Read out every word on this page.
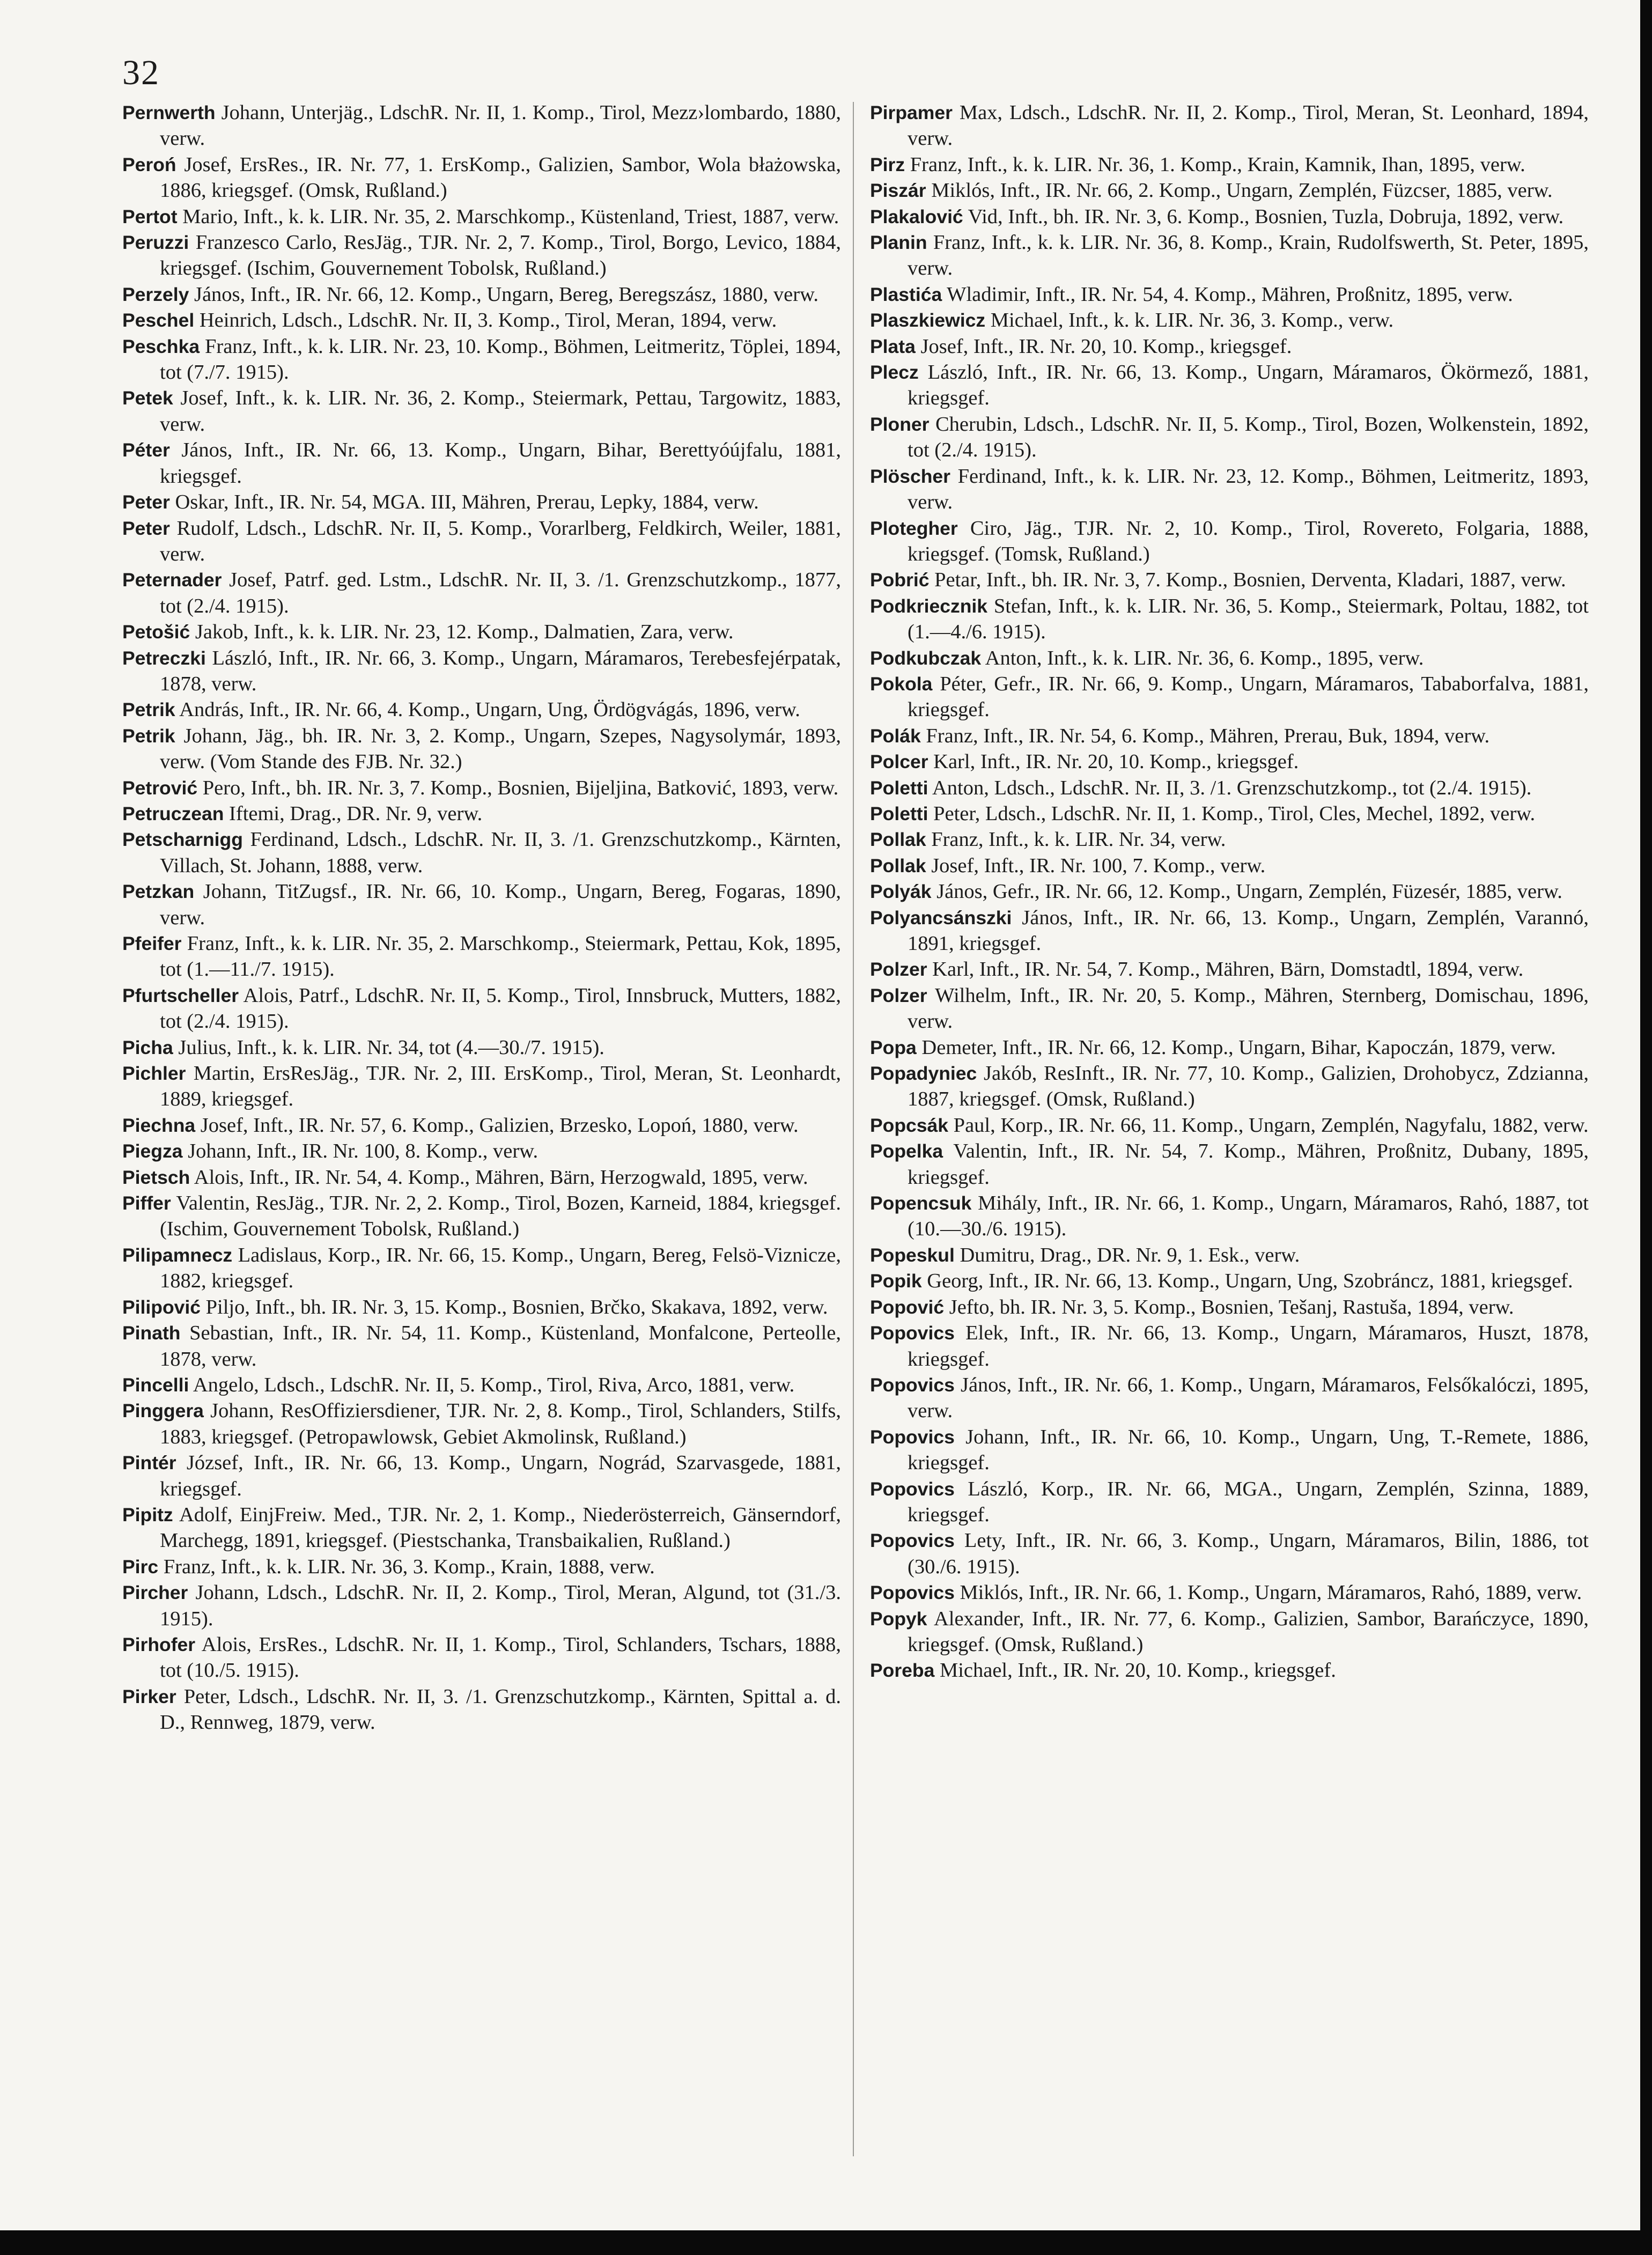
32

Pernwerth Johann, Unterjäg., LdschR. Nr. II, 1. Komp., Tirol, Mezz›lombardo, 1880, verw.

Peroń Josef, ErsRes., IR. Nr. 77, 1. ErsKomp., Galizien, Sambor, Wola błażowska, 1886, kriegsgef. (Omsk, Rußland.)

Pertot Mario, Inft., k. k. LIR. Nr. 35, 2. Marschkomp., Küstenland, Triest, 1887, verw.

Peruzzi Franzesco Carlo, ResJäg., TJR. Nr. 2, 7. Komp., Tirol, Borgo, Levico, 1884, kriegsgef. (Ischim, Gouvernement Tobolsk, Rußland.)

Perzely János, Inft., IR. Nr. 66, 12. Komp., Ungarn, Bereg, Beregszász, 1880, verw.

Peschel Heinrich, Ldsch., LdschR. Nr. II, 3. Komp., Tirol, Meran, 1894, verw.

Peschka Franz, Inft., k. k. LIR. Nr. 23, 10. Komp., Böhmen, Leitmeritz, Töplei, 1894, tot (7./7. 1915).

Petek Josef, Inft., k. k. LIR. Nr. 36, 2. Komp., Steiermark, Pettau, Targowitz, 1883, verw.

Péter János, Inft., IR. Nr. 66, 13. Komp., Ungarn, Bihar, Berettyóújfalu, 1881, kriegsgef.

Peter Oskar, Inft., IR. Nr. 54, MGA. III, Mähren, Prerau, Lepky, 1884, verw.

Peter Rudolf, Ldsch., LdschR. Nr. II, 5. Komp., Vorarlberg, Feldkirch, Weiler, 1881, verw.

Peternader Josef, Patrf. ged. Lstm., LdschR. Nr. II, 3. /1. Grenzschutzkomp., 1877, tot (2./4. 1915).

Petošić Jakob, Inft., k. k. LIR. Nr. 23, 12. Komp., Dalmatien, Zara, verw.

Petreczki László, Inft., IR. Nr. 66, 3. Komp., Ungarn, Máramaros, Terebesfejérpatak, 1878, verw.

Petrik András, Inft., IR. Nr. 66, 4. Komp., Ungarn, Ung, Ördögvágás, 1896, verw.

Petrik Johann, Jäg., bh. IR. Nr. 3, 2. Komp., Ungarn, Szepes, Nagysolymár, 1893, verw. (Vom Stande des FJB. Nr. 32.)

Petrović Pero, Inft., bh. IR. Nr. 3, 7. Komp., Bosnien, Bijeljina, Batković, 1893, verw.

Petruczean Iftemi, Drag., DR. Nr. 9, verw.

Petscharnigg Ferdinand, Ldsch., LdschR. Nr. II, 3. /1. Grenzschutzkomp., Kärnten, Villach, St. Johann, 1888, verw.

Petzkan Johann, TitZugsf., IR. Nr. 66, 10. Komp., Ungarn, Bereg, Fogaras, 1890, verw.

Pfeifer Franz, Inft., k. k. LIR. Nr. 35, 2. Marschkomp., Steiermark, Pettau, Kok, 1895, tot (1.—11./7. 1915).

Pfurtscheller Alois, Patrf., LdschR. Nr. II, 5. Komp., Tirol, Innsbruck, Mutters, 1882, tot (2./4. 1915).

Picha Julius, Inft., k. k. LIR. Nr. 34, tot (4.—30./7. 1915).

Pichler Martin, ErsResJäg., TJR. Nr. 2, III. ErsKomp., Tirol, Meran, St. Leonhardt, 1889, kriegsgef.

Piechna Josef, Inft., IR. Nr. 57, 6. Komp., Galizien, Brzesko, Lopoń, 1880, verw.

Piegza Johann, Inft., IR. Nr. 100, 8. Komp., verw.

Pietsch Alois, Inft., IR. Nr. 54, 4. Komp., Mähren, Bärn, Herzogwald, 1895, verw.

Piffer Valentin, ResJäg., TJR. Nr. 2, 2. Komp., Tirol, Bozen, Karneid, 1884, kriegsgef. (Ischim, Gouvernement Tobolsk, Rußland.)

Pilipamnecz Ladislaus, Korp., IR. Nr. 66, 15. Komp., Ungarn, Bereg, Felsö-Viznicze, 1882, kriegsgef.

Pilipović Piljo, Inft., bh. IR. Nr. 3, 15. Komp., Bosnien, Brčko, Skakava, 1892, verw.

Pinath Sebastian, Inft., IR. Nr. 54, 11. Komp., Küstenland, Monfalcone, Perteolle, 1878, verw.

Pincelli Angelo, Ldsch., LdschR. Nr. II, 5. Komp., Tirol, Riva, Arco, 1881, verw.

Pinggera Johann, ResOffiziersdiener, TJR. Nr. 2, 8. Komp., Tirol, Schlanders, Stilfs, 1883, kriegsgef. (Petropawlowsk, Gebiet Akmolinsk, Rußland.)

Pintér József, Inft., IR. Nr. 66, 13. Komp., Ungarn, Nográd, Szarvasgede, 1881, kriegsgef.

Pipitz Adolf, EinjFreiw. Med., TJR. Nr. 2, 1. Komp., Niederösterreich, Gänserndorf, Marchegg, 1891, kriegsgef. (Piestschanka, Transbaikalien, Rußland.)

Pirc Franz, Inft., k. k. LIR. Nr. 36, 3. Komp., Krain, 1888, verw.

Pircher Johann, Ldsch., LdschR. Nr. II, 2. Komp., Tirol, Meran, Algund, tot (31./3. 1915).

Pirhofer Alois, ErsRes., LdschR. Nr. II, 1. Komp., Tirol, Schlanders, Tschars, 1888, tot (10./5. 1915).

Pirker Peter, Ldsch., LdschR. Nr. II, 3. /1. Grenzschutzkomp., Kärnten, Spittal a. d. D., Rennweg, 1879, verw.

Pirpamer Max, Ldsch., LdschR. Nr. II, 2. Komp., Tirol, Meran, St. Leonhard, 1894, verw.

Pirz Franz, Inft., k. k. LIR. Nr. 36, 1. Komp., Krain, Kamnik, Ihan, 1895, verw.

Piszár Miklós, Inft., IR. Nr. 66, 2. Komp., Ungarn, Zemplén, Füzcser, 1885, verw.

Plakalović Vid, Inft., bh. IR. Nr. 3, 6. Komp., Bosnien, Tuzla, Dobruja, 1892, verw.

Planin Franz, Inft., k. k. LIR. Nr. 36, 8. Komp., Krain, Rudolfswerth, St. Peter, 1895, verw.

Plastića Wladimir, Inft., IR. Nr. 54, 4. Komp., Mähren, Proßnitz, 1895, verw.

Plaszkiewicz Michael, Inft., k. k. LIR. Nr. 36, 3. Komp., verw.

Plata Josef, Inft., IR. Nr. 20, 10. Komp., kriegsgef.

Plecz László, Inft., IR. Nr. 66, 13. Komp., Ungarn, Máramaros, Ökörmező, 1881, kriegsgef.

Ploner Cherubin, Ldsch., LdschR. Nr. II, 5. Komp., Tirol, Bozen, Wolkenstein, 1892, tot (2./4. 1915).

Plöscher Ferdinand, Inft., k. k. LIR. Nr. 23, 12. Komp., Böhmen, Leitmeritz, 1893, verw.

Plotegher Ciro, Jäg., TJR. Nr. 2, 10. Komp., Tirol, Rovereto, Folgaria, 1888, kriegsgef. (Tomsk, Rußland.)

Pobrić Petar, Inft., bh. IR. Nr. 3, 7. Komp., Bosnien, Derventa, Kladari, 1887, verw.

Podkriecznik Stefan, Inft., k. k. LIR. Nr. 36, 5. Komp., Steiermark, Poltau, 1882, tot (1.—4./6. 1915).

Podkubczak Anton, Inft., k. k. LIR. Nr. 36, 6. Komp., 1895, verw.

Pokola Péter, Gefr., IR. Nr. 66, 9. Komp., Ungarn, Máramaros, Tababorfalva, 1881, kriegsgef.

Polák Franz, Inft., IR. Nr. 54, 6. Komp., Mähren, Prerau, Buk, 1894, verw.

Polcer Karl, Inft., IR. Nr. 20, 10. Komp., kriegsgef.

Poletti Anton, Ldsch., LdschR. Nr. II, 3. /1. Grenzschutzkomp., tot (2./4. 1915).

Poletti Peter, Ldsch., LdschR. Nr. II, 1. Komp., Tirol, Cles, Mechel, 1892, verw.

Pollak Franz, Inft., k. k. LIR. Nr. 34, verw.

Pollak Josef, Inft., IR. Nr. 100, 7. Komp., verw.

Polyák János, Gefr., IR. Nr. 66, 12. Komp., Ungarn, Zemplén, Füzesér, 1885, verw.

Polyancsánszki János, Inft., IR. Nr. 66, 13. Komp., Ungarn, Zemplén, Varannó, 1891, kriegsgef.

Polzer Karl, Inft., IR. Nr. 54, 7. Komp., Mähren, Bärn, Domstadtl, 1894, verw.

Polzer Wilhelm, Inft., IR. Nr. 20, 5. Komp., Mähren, Sternberg, Domischau, 1896, verw.

Popa Demeter, Inft., IR. Nr. 66, 12. Komp., Ungarn, Bihar, Kapoczán, 1879, verw.

Popadyniec Jakób, ResInft., IR. Nr. 77, 10. Komp., Galizien, Drohobycz, Zdzianna, 1887, kriegsgef. (Omsk, Rußland.)

Popcsák Paul, Korp., IR. Nr. 66, 11. Komp., Ungarn, Zemplén, Nagyfalu, 1882, verw.

Popelka Valentin, Inft., IR. Nr. 54, 7. Komp., Mähren, Proßnitz, Dubany, 1895, kriegsgef.

Popencsuk Mihály, Inft., IR. Nr. 66, 1. Komp., Ungarn, Máramaros, Rahó, 1887, tot (10.—30./6. 1915).

Popeskul Dumitru, Drag., DR. Nr. 9, 1. Esk., verw.

Popik Georg, Inft., IR. Nr. 66, 13. Komp., Ungarn, Ung, Szobráncz, 1881, kriegsgef.

Popović Jefto, bh. IR. Nr. 3, 5. Komp., Bosnien, Tešanj, Rastuša, 1894, verw.

Popovics Elek, Inft., IR. Nr. 66, 13. Komp., Ungarn, Máramaros, Huszt, 1878, kriegsgef.

Popovics János, Inft., IR. Nr. 66, 1. Komp., Ungarn, Máramaros, Felsőkalóczi, 1895, verw.

Popovics Johann, Inft., IR. Nr. 66, 10. Komp., Ungarn, Ung, T.-Remete, 1886, kriegsgef.

Popovics László, Korp., IR. Nr. 66, MGA., Ungarn, Zemplén, Szinna, 1889, kriegsgef.

Popovics Lety, Inft., IR. Nr. 66, 3. Komp., Ungarn, Máramaros, Bilin, 1886, tot (30./6. 1915).

Popovics Miklós, Inft., IR. Nr. 66, 1. Komp., Ungarn, Máramaros, Rahó, 1889, verw.

Popyk Alexander, Inft., IR. Nr. 77, 6. Komp., Galizien, Sambor, Barańczyce, 1890, kriegsgef. (Omsk, Rußland.)

Poreba Michael, Inft., IR. Nr. 20, 10. Komp., kriegsgef.
